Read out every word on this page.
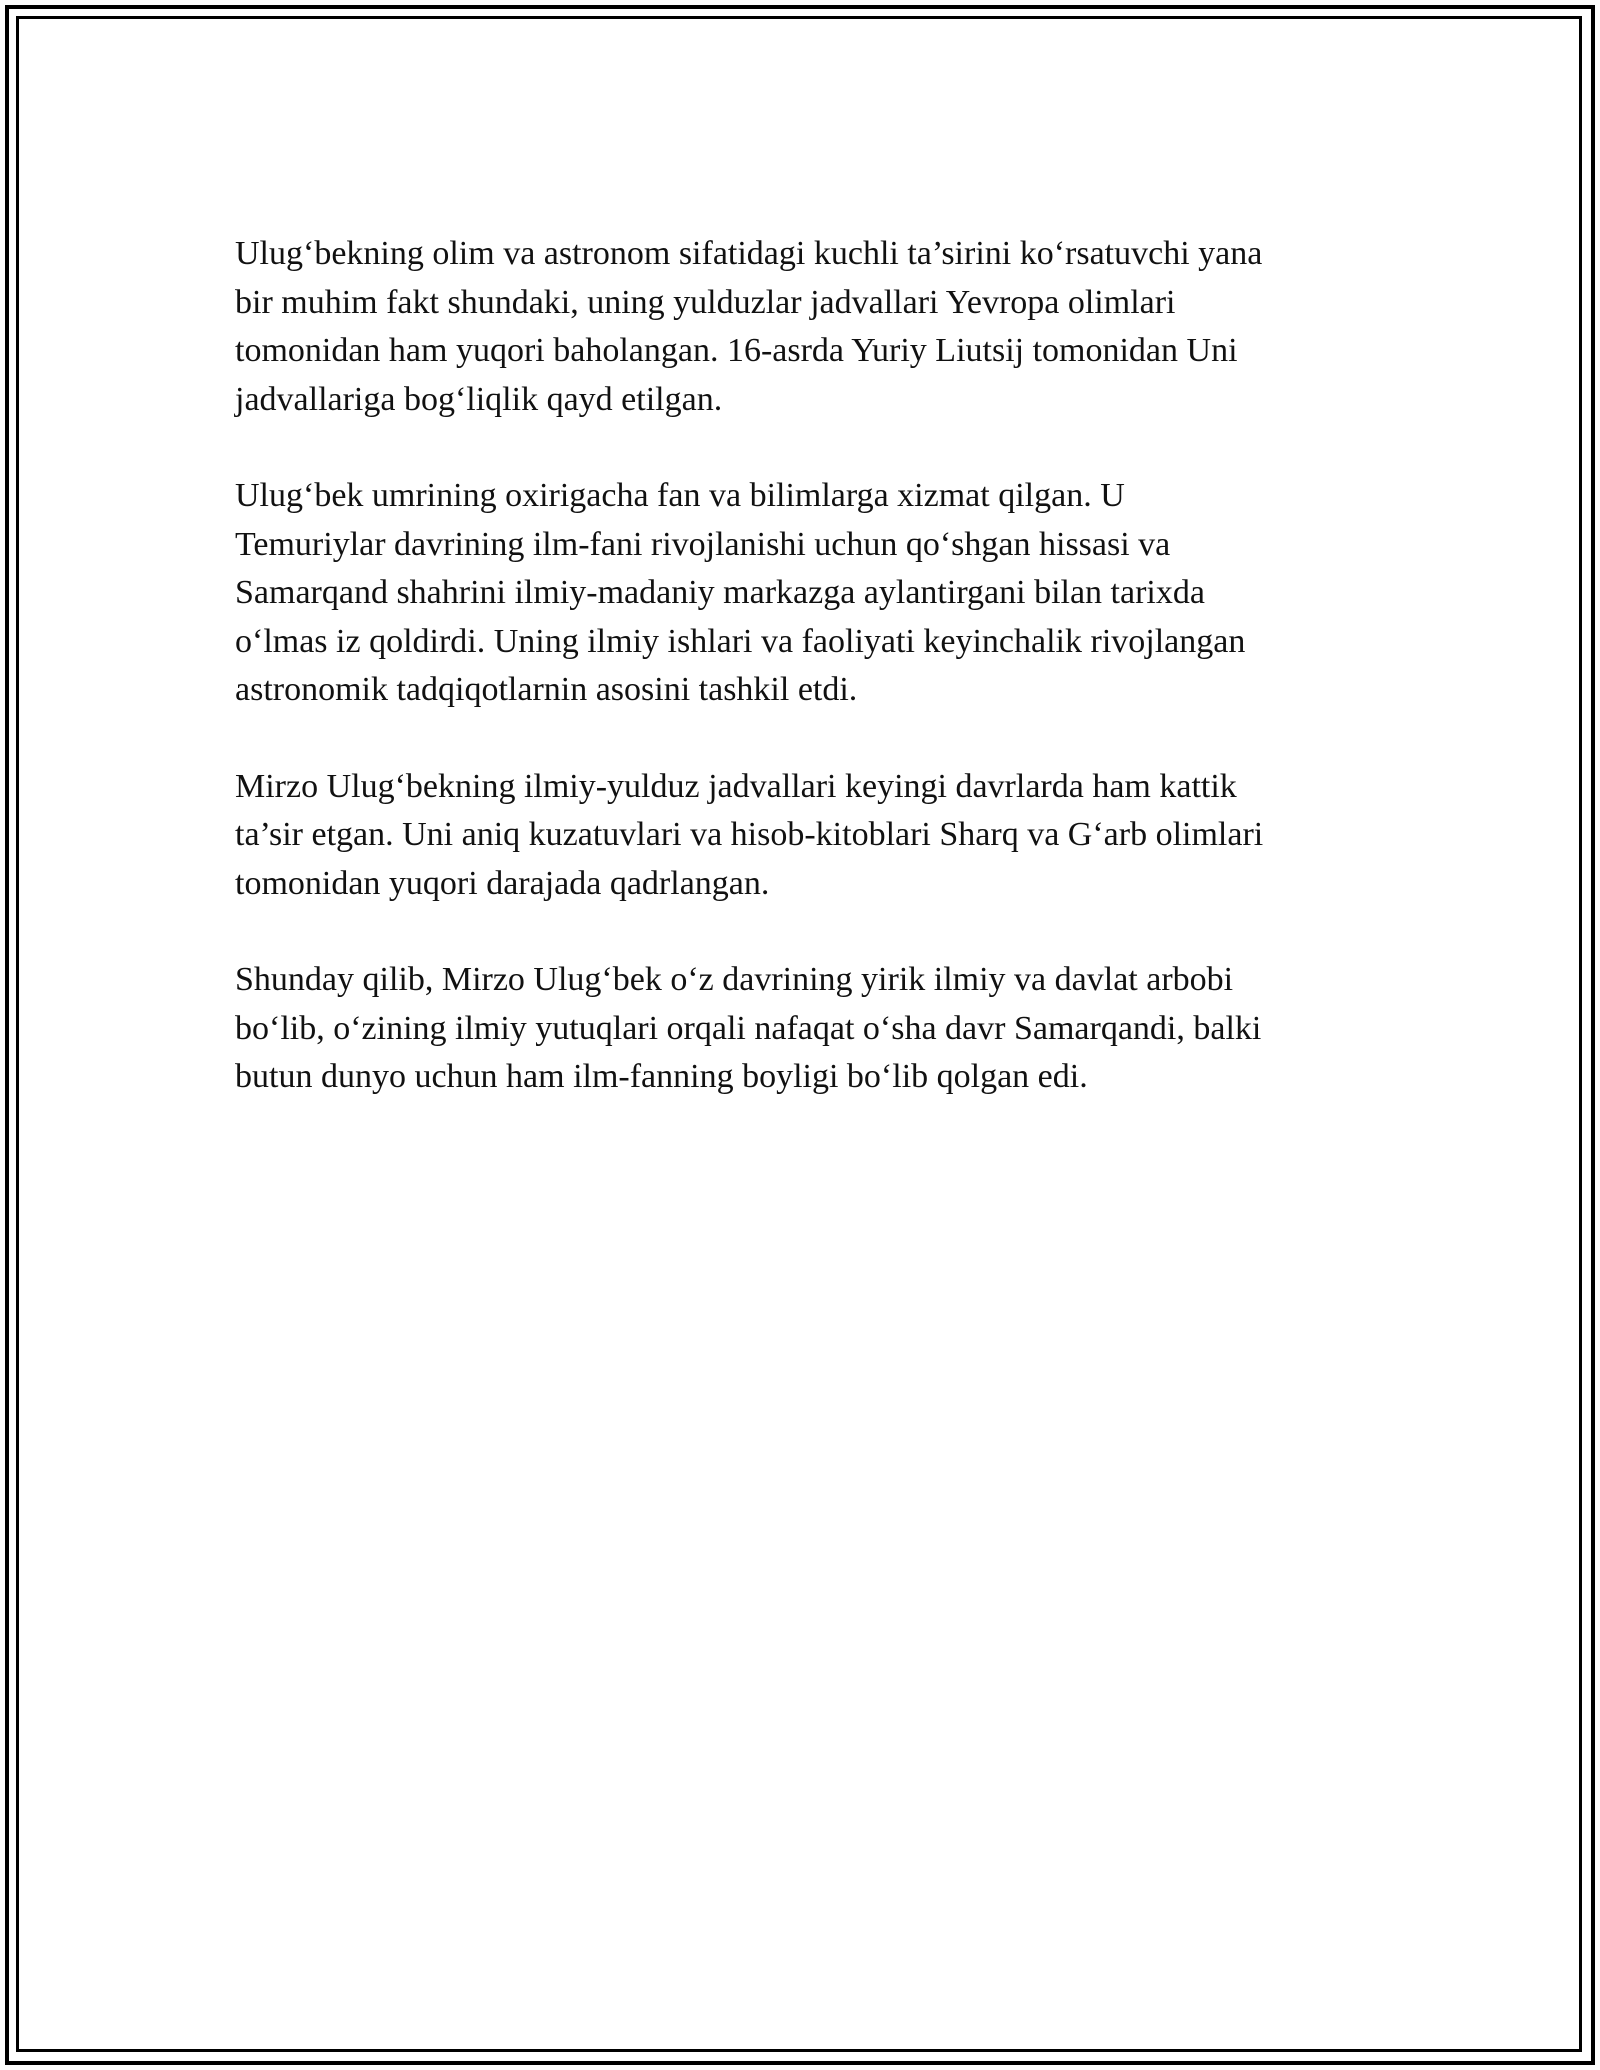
Ulug‘bekning olim va astronom sifatidagi kuchli ta’sirini ko‘rsatuvchi yana
bir muhim fakt shundaki, uning yulduzlar jadvallari Yevropa olimlari
tomonidan ham yuqori baholangan. 16-asrda Yuriy Liutsij tomonidan Uni
jadvallariga bog‘liqlik qayd etilgan.

Ulug‘bek umrining oxirigacha fan va bilimlarga xizmat qilgan. U
Temuriylar davrining ilm-fani rivojlanishi uchun qo‘shgan hissasi va
Samarqand shahrini ilmiy-madaniy markazga aylantirgani bilan tarixda
o‘lmas iz qoldirdi. Uning ilmiy ishlari va faoliyati keyinchalik rivojlangan
astronomik tadqiqotlarnin asosini tashkil etdi.

Mirzo Ulug‘bekning ilmiy-yulduz jadvallari keyingi davrlarda ham kattik
ta’sir etgan. Uni aniq kuzatuvlari va hisob-kitoblari Sharq va G‘arb olimlari
tomonidan yuqori darajada qadrlangan.

Shunday qilib, Mirzo Ulug‘bek o‘z davrining yirik ilmiy va davlat arbobi
bo‘lib, o‘zining ilmiy yutuqlari orqali nafaqat o‘sha davr Samarqandi, balki
butun dunyo uchun ham ilm-fanning boyligi bo‘lib qolgan edi.
